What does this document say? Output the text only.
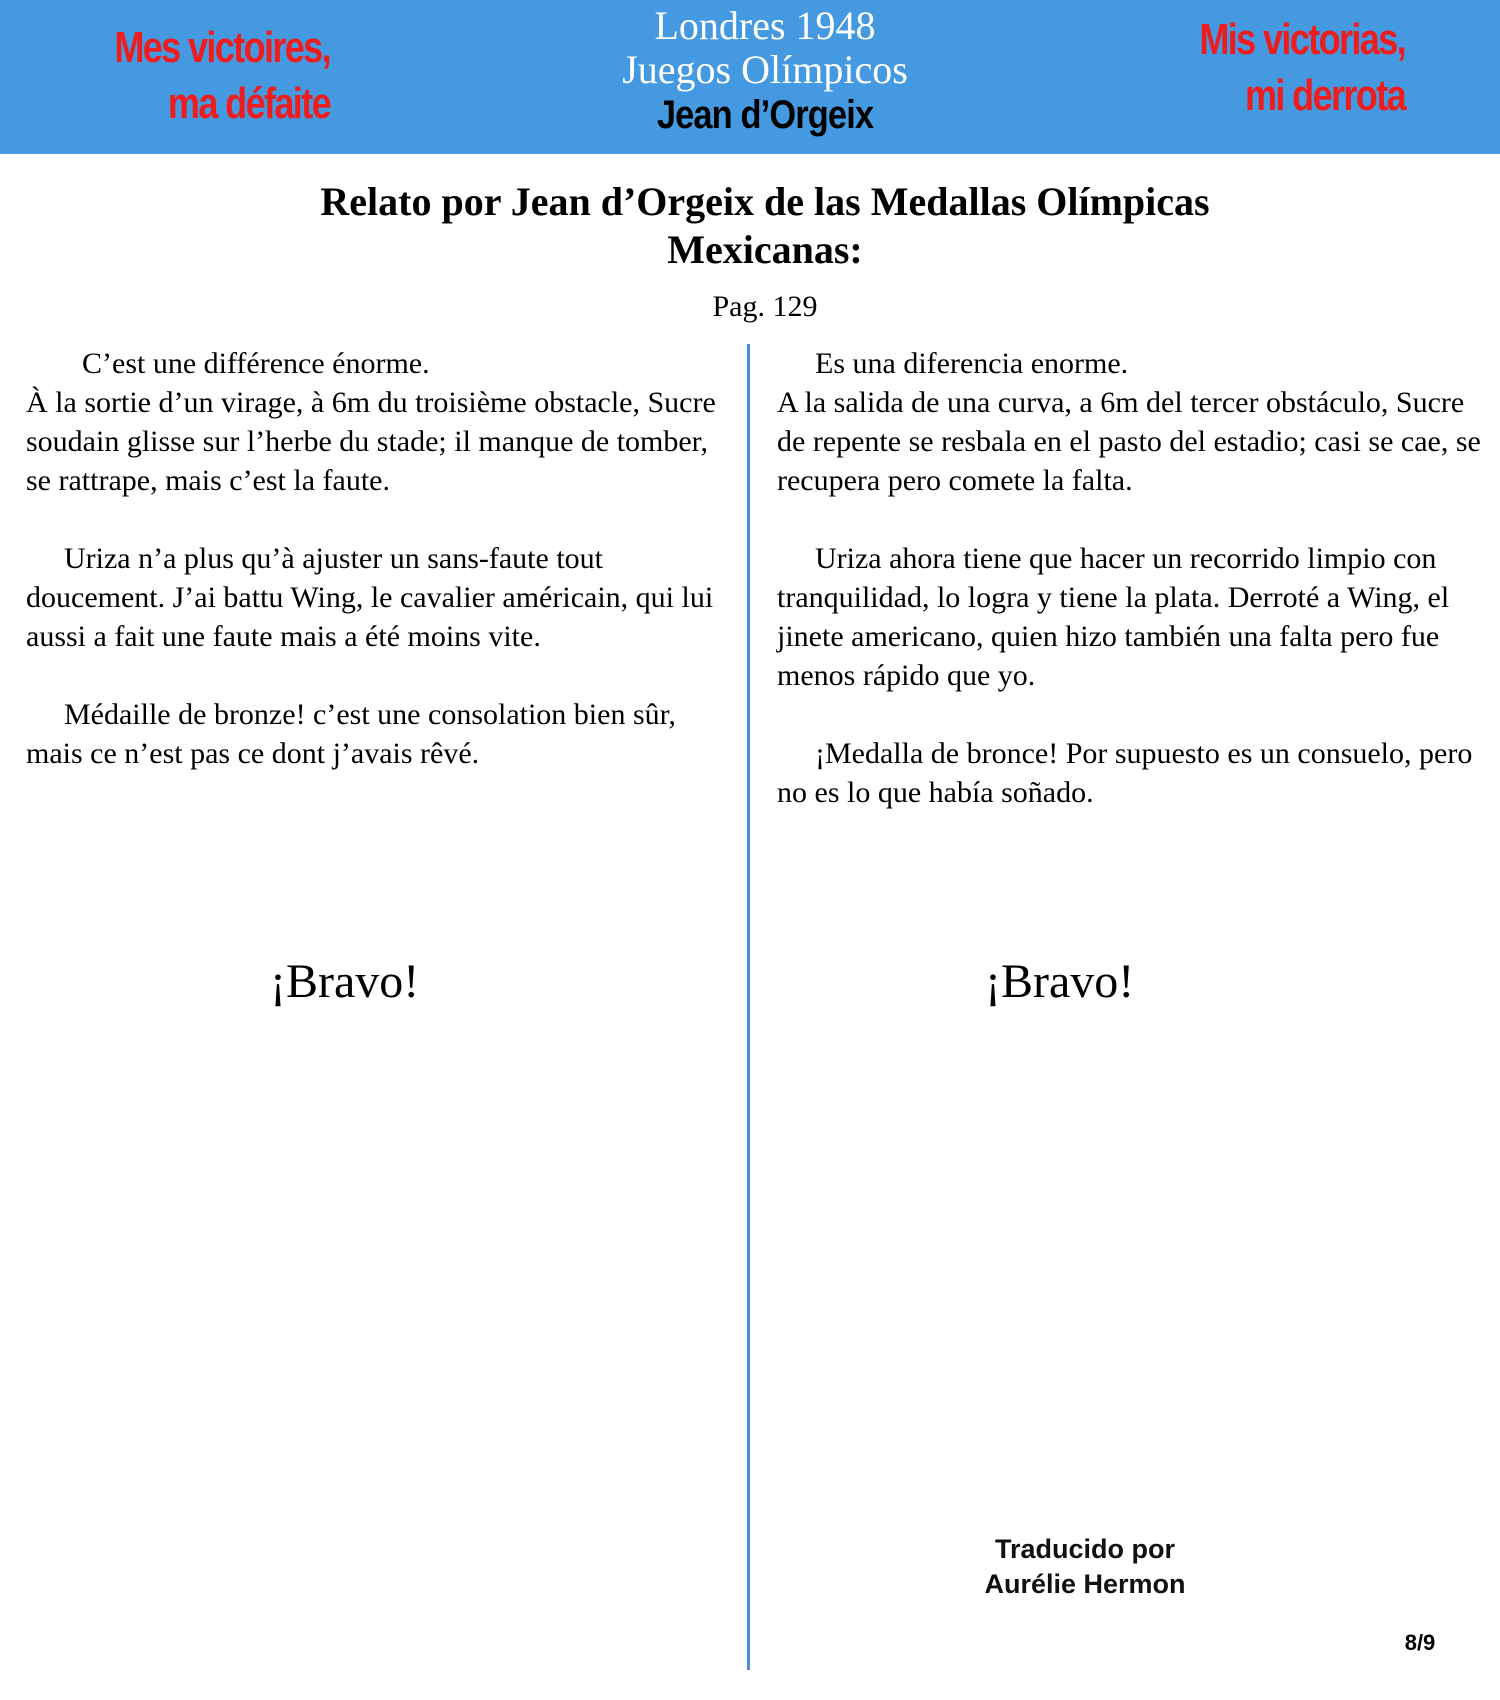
Mes victoires,
ma défaite
Londres 1948
Juegos Olímpicos
Jean d’Orgeix
Mis victorias,
mi derrota
Relato por Jean d’Orgeix de las Medallas Olímpicas
Mexicanas:
Pag. 129

C’est une différence énorme.
À la sortie d’un virage, à 6m du troisième obstacle, Sucre soudain glisse sur l’herbe du stade; il manque de tomber, se rattrape, mais c’est la faute.

Uriza n’a plus qu’à ajuster un sans-faute tout doucement. J’ai battu Wing, le cavalier américain, qui lui aussi a fait une faute mais a été moins vite.

Médaille de bronze! c’est une consolation bien sûr, mais ce n’est pas ce dont j’avais rêvé.

Es una diferencia enorme.
A la salida de una curva, a 6m del tercer obstáculo, Sucre de repente se resbala en el pasto del estadio; casi se cae, se recupera pero comete la falta.

Uriza ahora tiene que hacer un recorrido limpio con tranquilidad, lo logra y tiene la plata. Derroté a Wing, el jinete americano, quien hizo también una falta pero fue menos rápido que yo.

¡Medalla de bronce! Por supuesto es un consuelo, pero no es lo que había soñado.

¡Bravo!	¡Bravo!
Traducido por
Aurélie Hermon
8/9
